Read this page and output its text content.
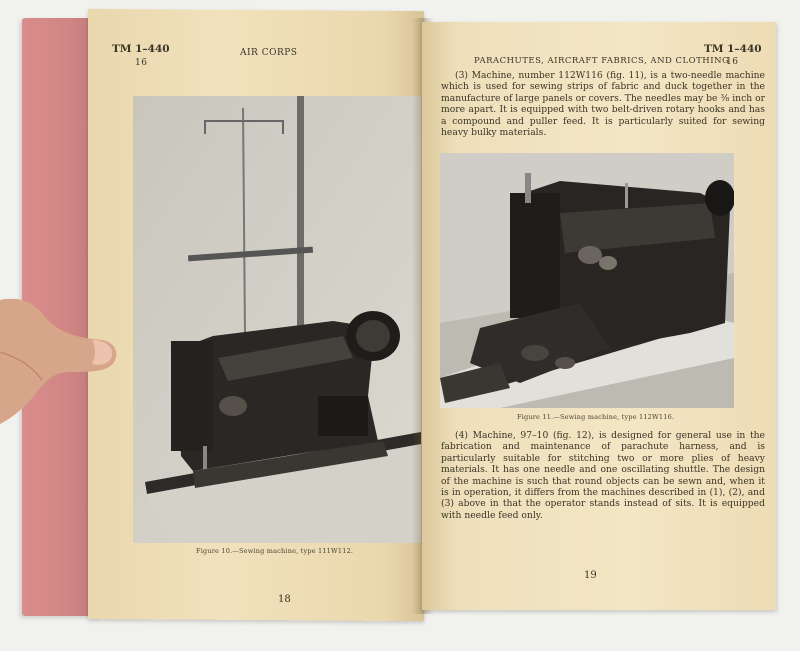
TM 1–440
16
AIR CORPS
Figure 10.—Sewing machine, type 111W112.
18
PARACHUTES, AIRCRAFT FABRICS, AND CLOTHING
TM 1–440
16
(3) Machine, number 112W116 (fig. 11), is a two-needle machine which is used for sewing strips of fabric and duck together in the manufacture of large panels or covers. The needles may be ⅜ inch or more apart. It is equipped with two belt-driven rotary hooks and has a compound and puller feed. It is particularly suited for sewing heavy bulky materials.
Figure 11.—Sewing machine, type 112W116.
(4) Machine, 97–10 (fig. 12), is designed for general use in the fabrication and maintenance of parachute harness, and is particularly suitable for stitching two or more plies of heavy materials. It has one needle and one oscillating shuttle. The design of the machine is such that round objects can be sewn and, when it is in operation, it differs from the machines described in (1), (2), and (3) above in that the operator stands instead of sits. It is equipped with needle feed only.
19
